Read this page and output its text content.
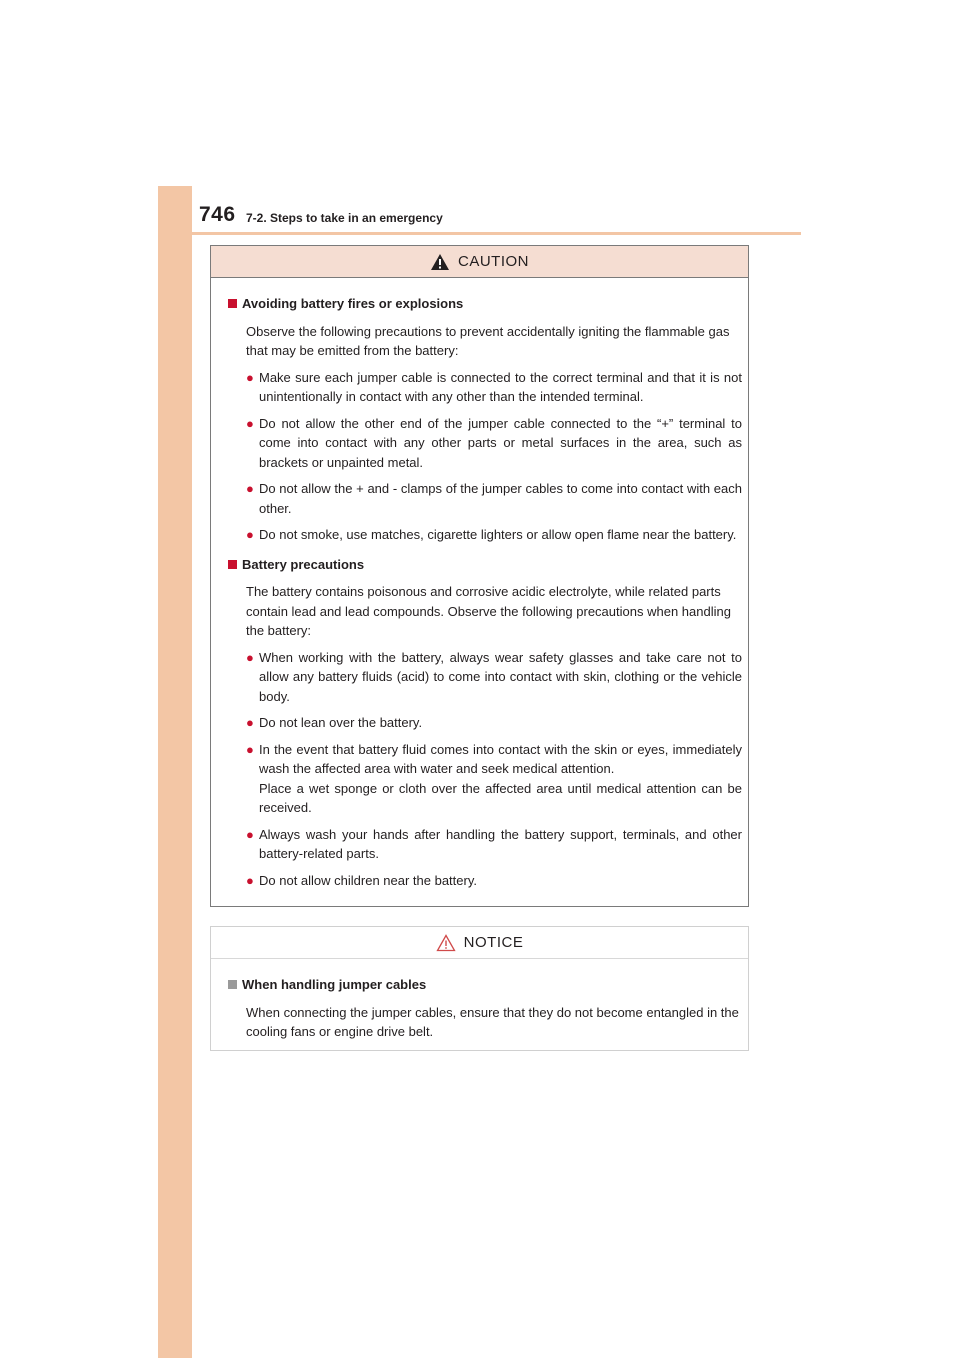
746 7-2. Steps to take in an emergency
CAUTION
Avoiding battery fires or explosions
Observe the following precautions to prevent accidentally igniting the flammable gas that may be emitted from the battery:
● Make sure each jumper cable is connected to the correct terminal and that it is not unintentionally in contact with any other than the intended terminal.
● Do not allow the other end of the jumper cable connected to the “+” terminal to come into contact with any other parts or metal surfaces in the area, such as brackets or unpainted metal.
● Do not allow the + and - clamps of the jumper cables to come into contact with each other.
● Do not smoke, use matches, cigarette lighters or allow open flame near the battery.
Battery precautions
The battery contains poisonous and corrosive acidic electrolyte, while related parts contain lead and lead compounds. Observe the following precautions when handling the battery:
● When working with the battery, always wear safety glasses and take care not to allow any battery fluids (acid) to come into contact with skin, clothing or the vehicle body.
● Do not lean over the battery.
● In the event that battery fluid comes into contact with the skin or eyes, immediately wash the affected area with water and seek medical attention.
Place a wet sponge or cloth over the affected area until medical attention can be received.
● Always wash your hands after handling the battery support, terminals, and other battery-related parts.
● Do not allow children near the battery.
NOTICE
When handling jumper cables
When connecting the jumper cables, ensure that they do not become entangled in the cooling fans or engine drive belt.
